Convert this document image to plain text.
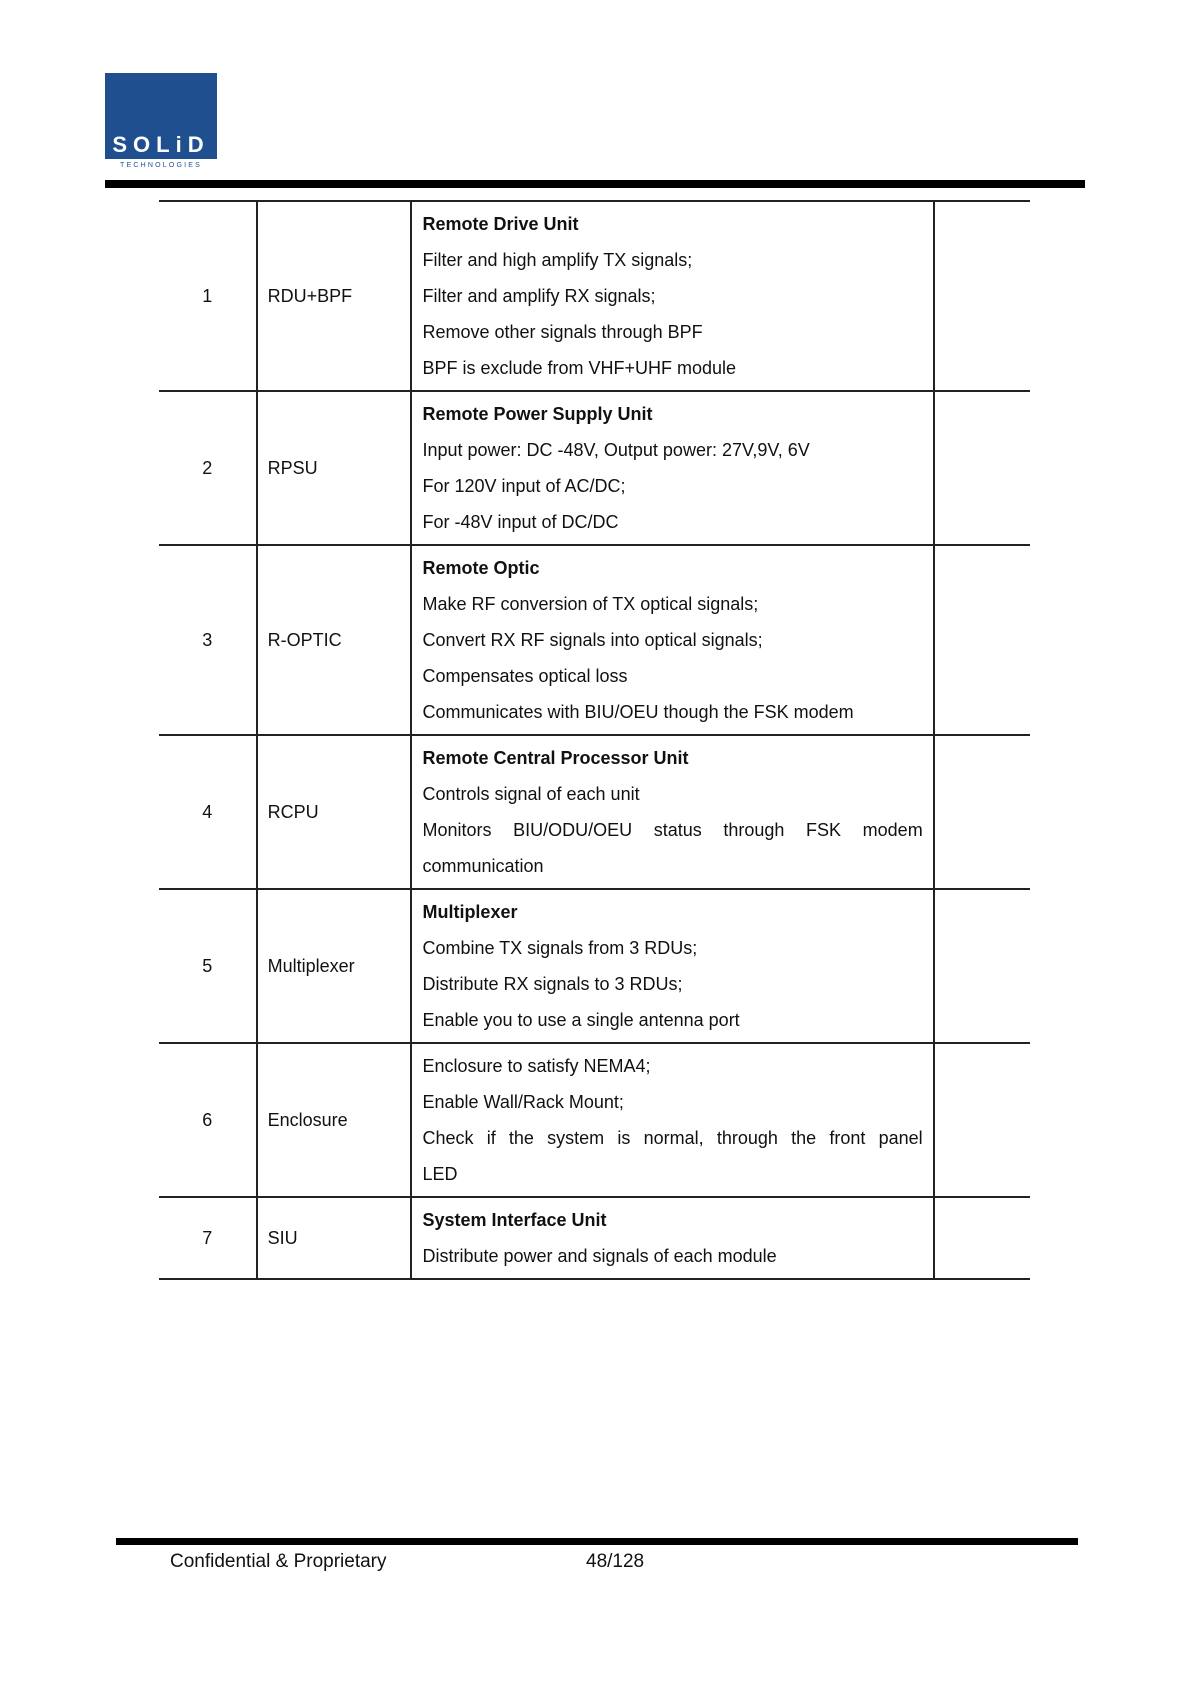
SOLiD
TECHNOLOGIES
1	RDU+BPF	Remote Drive Unit
Filter and high amplify TX signals;
Filter and amplify RX signals;
Remove other signals through BPF
BPF is exclude from VHF+UHF module	

2	RPSU	Remote Power Supply Unit
Input power: DC -48V, Output power: 27V,9V, 6V
For 120V input of AC/DC;
For -48V input of DC/DC	

3	R-OPTIC	Remote Optic
Make RF conversion of TX optical signals;
Convert RX RF signals into optical signals;
Compensates optical loss
Communicates with BIU/OEU though the FSK modem	

4	RCPU	Remote Central Processor Unit
Controls signal of each unit
Monitors BIU/ODU/OEU status through FSK modem
communication	

5	Multiplexer	Multiplexer
Combine TX signals from 3 RDUs;
Distribute RX signals to 3 RDUs;
Enable you to use a single antenna port	

6	Enclosure	Enclosure to satisfy NEMA4;
Enable Wall/Rack Mount;
Check if the system is normal, through the front panel
LED	

7	SIU	System Interface Unit
Distribute power and signals of each module	

Confidential & Proprietary	48/128
